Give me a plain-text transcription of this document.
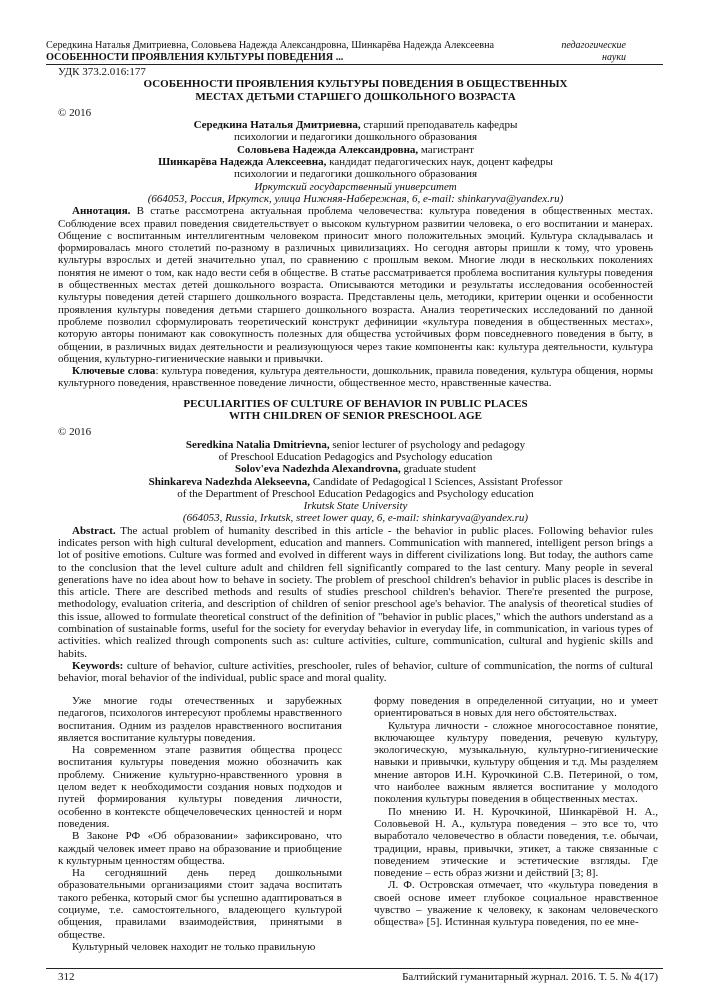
Середкина Наталья Дмитриевна, Соловьева Надежда Александровна, Шинкарёва Надежда Алексеевна
ОСОБЕННОСТИ ПРОЯВЛЕНИЯ КУЛЬТУРЫ ПОВЕДЕНИЯ ...
педагогические
науки

УДК 373.2.016:177

ОСОБЕННОСТИ ПРОЯВЛЕНИЯ КУЛЬТУРЫ ПОВЕДЕНИЯ В ОБЩЕСТВЕННЫХ

МЕСТАХ ДЕТЬМИ СТАРШЕГО ДОШКОЛЬНОГО ВОЗРАСТА

© 2016

Середкина Наталья Дмитриевна, старший преподаватель кафедры

психологии и педагогики дошкольного образования

Соловьева Надежда Александровна, магистрант

Шинкарёва Надежда Алексеевна, кандидат педагогических наук, доцент кафедры

психологии и педагогики дошкольного образования

Иркутский государственный университет

(664053, Россия, Иркутск, улица Нижняя-Набережная, 6, e-mail: shinkaryva@yandex.ru)

Аннотация. В статье рассмотрена актуальная проблема человечества: культура поведения в общественных местах. Соблюдение всех правил поведения свидетельствует о высоком культурном развитии человека, о его воспитании и манерах. Общение с воспитанным интеллигентным человеком приносит много положительных эмоций. Культура складывалась и формировалась много столетий по-разному в различных цивилизациях. Но сегодня авторы пришли к тому, что уровень культуры взрослых и детей значительно упал, по сравнению с прошлым веком. Многие люди в нескольких поколениях понятия не имеют о том, как надо вести себя в обществе. В статье рассматривается проблема воспитания культуры поведения в общественных местах детей дошкольного возраста. Описываются методики и результаты исследования особенностей культуры поведения детей старшего дошкольного возраста. Представлены цель, методики, критерии оценки и особенности проявления культуры поведения детьми старшего дошкольного возраста. Анализ теоретических исследований по данной проблеме позволил сформулировать теоретический конструкт дефиниции «культура поведения в общественных местах», которую авторы понимают как совокупность полезных для общества устойчивых форм повседневного поведения в быту, в общении, в различных видах деятельности и реализующуюся через такие компоненты как: культура деятельности, культура общения, культурно-гигиенические навыки и привычки.

Ключевые слова: культура поведения, культура деятельности, дошкольник, правила поведения, культура общения, нормы культурного поведения, нравственное поведение личности, общественное место, нравственные качества.

PECULIARITIES OF CULTURE OF BEHAVIOR IN PUBLIC PLACES

WITH CHILDREN OF SENIOR PRESCHOOL AGE

© 2016

Seredkina Natalia Dmitrievna, senior lecturer of psychology and pedagogy

of Preschool Education Pedagogics and Psychology education

Solov'eva Nadezhda Alexandrovna, graduate student

Shinkareva Nadezhda Alekseevna, Candidate of Pedagogical l Sciences, Assistant Professor

of the Department of Preschool Education Pedagogics and Psychology education

Irkutsk State University

(664053, Russia, Irkutsk, street lower quay, 6, e-mail: shinkaryva@yandex.ru)

Abstract. The actual problem of humanity described in this article - the behavior in public places. Following behavior rules indicates person with high cultural development, education and manners. Communication with mannered, intelligent person brings a lot of positive emotions. Culture was formed and evolved in different ways in different civilizations long. But today, the authors came to the conclusion that the level culture adult and children fell significantly compared to the last century. Many people in several generations have no idea about how to behave in society. The problem of preschool children's behavior in public places is describe in this article. There are described methods and results of studies preschool children's behavior. There're presented the purpose, methodology, evaluation criteria, and description of children of senior preschool age's behavior. The analysis of theoretical studies of this issue, allowed to formulate theoretical construct of the definition of "behavior in public places," which the authors understand as a combination of sustainable forms, useful for the society for everyday behavior in everyday life, in communication, in various types of activities. which realized through components such as: culture activities, culture, communication, cultural and hygienic skills and habits.

Keywords: culture of behavior, culture activities, preschooler, rules of behavior, culture of communication, the norms of cultural behavior, moral behavior of the individual, public space and moral quality.

Уже многие годы отечественных и зарубежных педагогов, психологов интересуют проблемы нравственного воспитания. Одним из разделов нравственного воспитания является воспитание культуры поведения.

На современном этапе развития общества процесс воспитания культуры поведения можно обозначить как проблему. Снижение культурно-нравственного уровня в целом ведет к необходимости создания новых подходов и путей формирования культуры поведения личности, особенно в контексте общечеловеческих ценностей и норм поведения.

В Законе РФ «Об образовании» зафиксировано, что каждый человек имеет право на образование и приобщение к культурным ценностям общества.

На сегодняшний день перед дошкольными образовательными организациями стоит задача воспитать такого ребенка, который смог бы успешно адаптироваться в социуме, т.е. самостоятельного, владеющего культурой общения, правилами взаимодействия, принятыми в обществе.

Культурный человек находит не только правильную

форму поведения в определенной ситуации, но и умеет ориентироваться в новых для него обстоятельствах.

Культура личности - сложное многосоставное понятие, включающее культуру поведения, речевую культуру, экологическую, музыкальную, культурно-гигиенические навыки и привычки, культуру общения и т.д. Мы разделяем мнение авторов И.Н. Курочкиной С.В. Петериной, о том, что наиболее важным является воспитание у молодого поколения культуры поведения в общественных местах.

По мнению И. Н. Курочкиной, Шинкарёвой Н. А., Соловьевой Н. А., культура поведения – это все то, что выработало человечество в области поведения, т.е. обычаи, традиции, нравы, привычки, этикет, а также связанные с поведением этические и эстетические взгляды. Где поведение – есть образ жизни и действий [3; 8].

Л. Ф. Островская отмечает, что «культура поведения в своей основе имеет глубокое социальное нравственное чувство – уважение к человеку, к законам человеческого общества» [5]. Истинная культура поведения, по ее мне-

312	Балтийский гуманитарный журнал. 2016. Т. 5. № 4(17)
